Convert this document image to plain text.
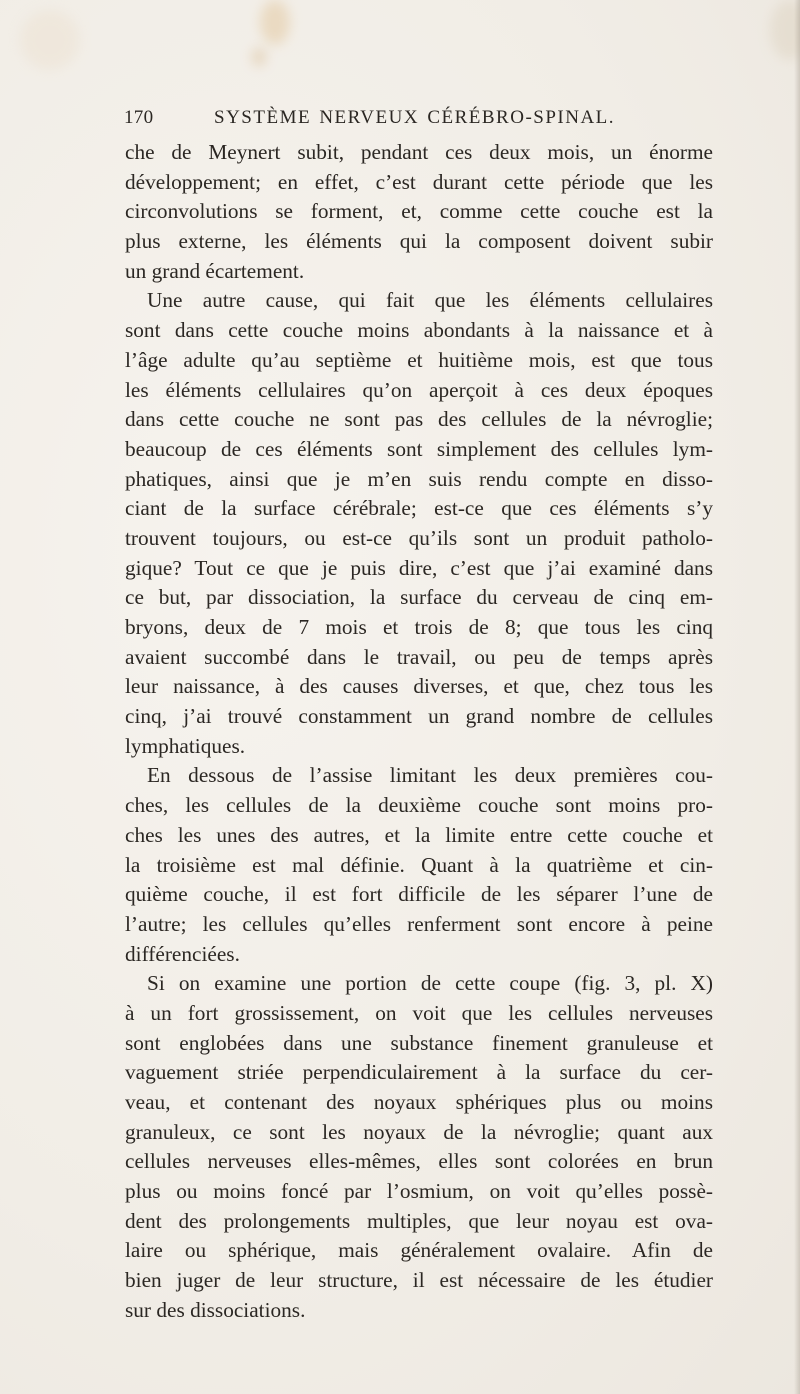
170	SYSTÈME NERVEUX CÉRÉBRO-SPINAL.
che de Meynert subit, pendant ces deux mois, un énorme
développement; en effet, c’est durant cette période que les
circonvolutions se forment, et, comme cette couche est la
plus externe, les éléments qui la composent doivent subir
un grand écartement.
Une autre cause, qui fait que les éléments cellulaires
sont dans cette couche moins abondants à la naissance et à
l’âge adulte qu’au septième et huitième mois, est que tous
les éléments cellulaires qu’on aperçoit à ces deux époques
dans cette couche ne sont pas des cellules de la névroglie;
beaucoup de ces éléments sont simplement des cellules lym-
phatiques, ainsi que je m’en suis rendu compte en disso-
ciant de la surface cérébrale; est-ce que ces éléments s’y
trouvent toujours, ou est-ce qu’ils sont un produit patholo-
gique? Tout ce que je puis dire, c’est que j’ai examiné dans
ce but, par dissociation, la surface du cerveau de cinq em-
bryons, deux de 7 mois et trois de 8; que tous les cinq
avaient succombé dans le travail, ou peu de temps après
leur naissance, à des causes diverses, et que, chez tous les
cinq, j’ai trouvé constamment un grand nombre de cellules
lymphatiques.
En dessous de l’assise limitant les deux premières cou-
ches, les cellules de la deuxième couche sont moins pro-
ches les unes des autres, et la limite entre cette couche et
la troisième est mal définie. Quant à la quatrième et cin-
quième couche, il est fort difficile de les séparer l’une de
l’autre; les cellules qu’elles renferment sont encore à peine
différenciées.
Si on examine une portion de cette coupe (fig. 3, pl. X)
à un fort grossissement, on voit que les cellules nerveuses
sont englobées dans une substance finement granuleuse et
vaguement striée perpendiculairement à la surface du cer-
veau, et contenant des noyaux sphériques plus ou moins
granuleux, ce sont les noyaux de la névroglie; quant aux
cellules nerveuses elles-mêmes, elles sont colorées en brun
plus ou moins foncé par l’osmium, on voit qu’elles possè-
dent des prolongements multiples, que leur noyau est ova-
laire ou sphérique, mais généralement ovalaire. Afin de
bien juger de leur structure, il est nécessaire de les étudier
sur des dissociations.
